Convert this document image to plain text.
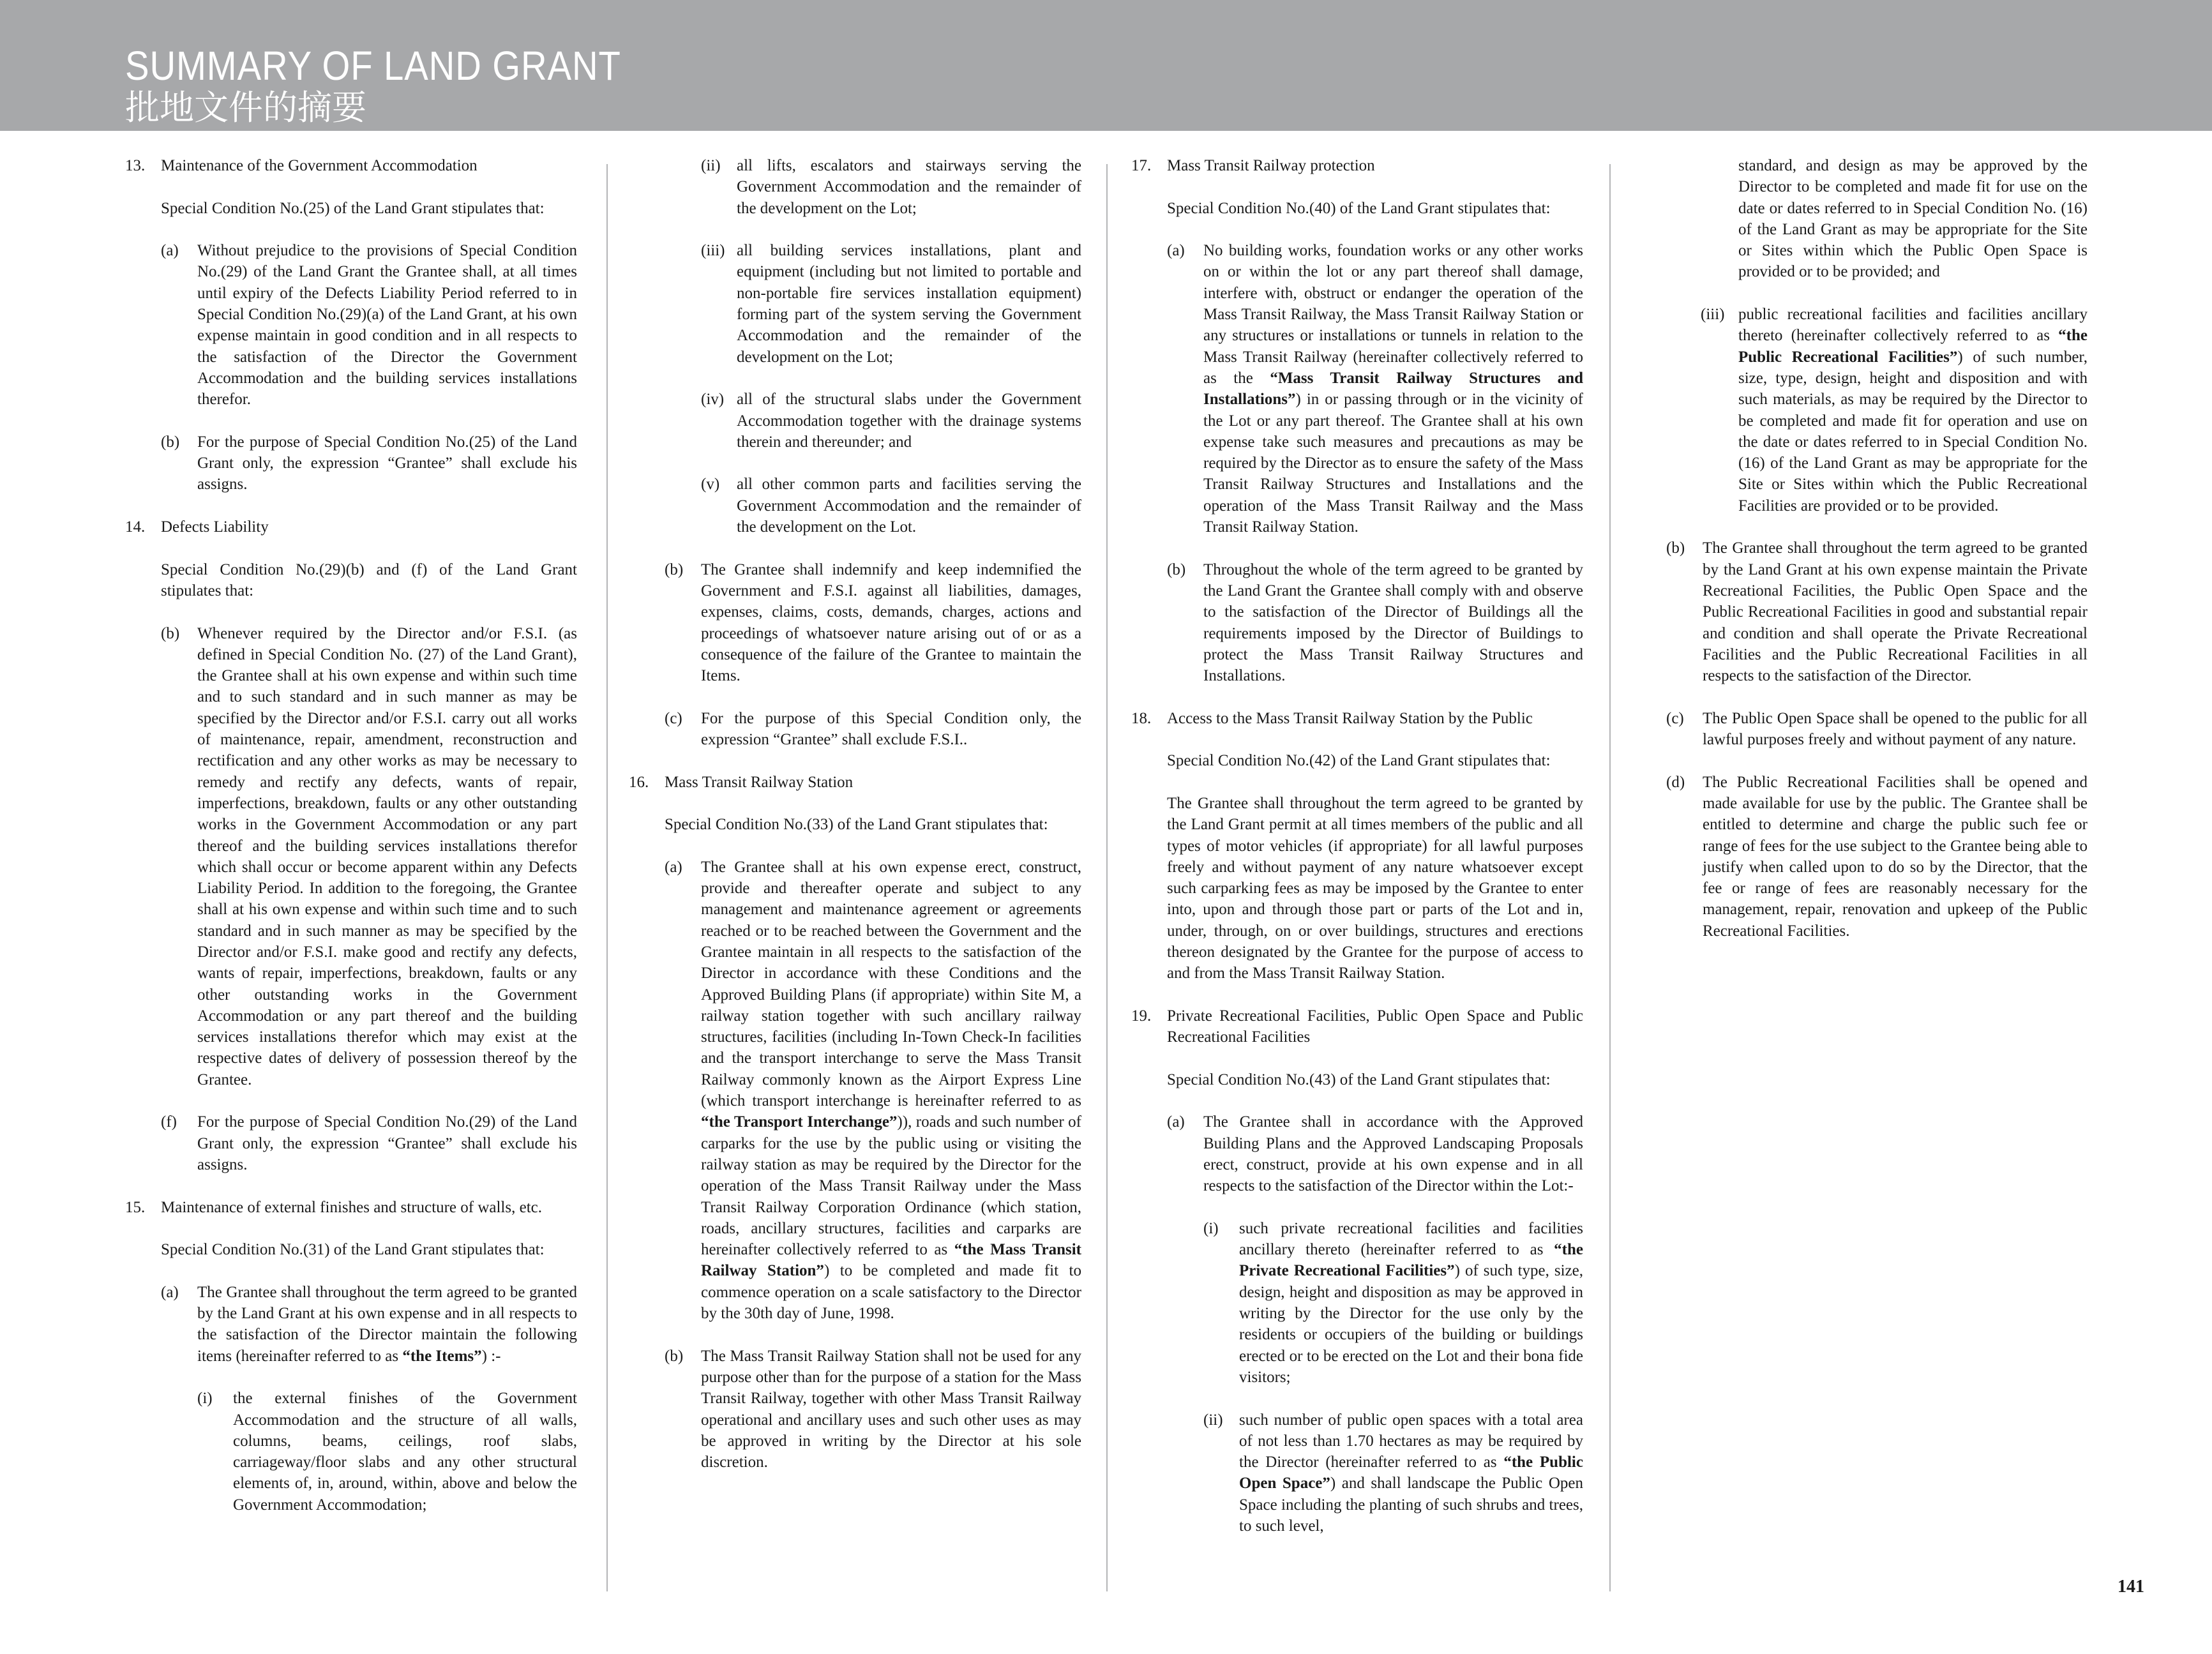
SUMMARY OF LAND GRANT
批地文件的摘要
13. Maintenance of the Government Accommodation

Special Condition No.(25) of the Land Grant stipulates that:

(a)	Without prejudice to the provisions of Special Condition No.(29) of the Land Grant the Grantee shall, at all times until expiry of the Defects Liability Period referred to in Special Condition No.(29)(a) of the Land Grant, at his own expense maintain in good condition and in all respects to the satisfaction of the Director the Government Accommodation and the building services installations therefor.
(b)	For the purpose of Special Condition No.(25) of the Land Grant only, the expression “Grantee” shall exclude his assigns.
14. Defects Liability

Special Condition No.(29)(b) and (f) of the Land Grant stipulates that:

(b)	Whenever required by the Director and/or F.S.I. (as defined in Special Condition No. (27) of the Land Grant), the Grantee shall at his own expense and within such time and to such standard and in such manner as may be specified by the Director and/or F.S.I. carry out all works of maintenance, repair, amendment, reconstruction and rectification and any other works as may be necessary to remedy and rectify any defects, wants of repair, imperfections, breakdown, faults or any other outstanding works in the Government Accommodation or any part thereof and the building services installations therefor which shall occur or become apparent within any Defects Liability Period. In addition to the foregoing, the Grantee shall at his own expense and within such time and to such standard and in such manner as may be specified by the Director and/or F.S.I. make good and rectify any defects, wants of repair, imperfections, breakdown, faults or any other outstanding works in the Government Accommodation or any part thereof and the building services installations therefor which may exist at the respective dates of delivery of possession thereof by the Grantee.
(f)	For the purpose of Special Condition No.(29) of the Land Grant only, the expression “Grantee” shall exclude his assigns.
15. Maintenance of external finishes and structure of walls, etc.

Special Condition No.(31) of the Land Grant stipulates that:

(a)	The Grantee shall throughout the term agreed to be granted by the Land Grant at his own expense and in all respects to the satisfaction of the Director maintain the following items (hereinafter referred to as “the Items”) :-
(i)	the external finishes of the Government Accommodation and the structure of all walls, columns, beams, ceilings, roof slabs, carriageway/floor slabs and any other structural elements of, in, around, within, above and below the Government Accommodation;
(ii)	all lifts, escalators and stairways serving the Government Accommodation and the remainder of the development on the Lot;
(iii) all building services installations, plant and equipment (including but not limited to portable and non-portable fire services installation equipment) forming part of the system serving the Government Accommodation and the remainder of the development on the Lot;
(iv) all of the structural slabs under the Government Accommodation together with the drainage systems therein and thereunder; and
(v)	all other common parts and facilities serving the Government Accommodation and the remainder of the development on the Lot.
(b)	The Grantee shall indemnify and keep indemnified the Government and F.S.I. against all liabilities, damages, expenses, claims, costs, demands, charges, actions and proceedings of whatsoever nature arising out of or as a consequence of the failure of the Grantee to maintain the Items.
(c)	For the purpose of this Special Condition only, the expression “Grantee” shall exclude F.S.I..
16. Mass Transit Railway Station

Special Condition No.(33) of the Land Grant stipulates that:

(a)	The Grantee shall at his own expense erect, construct, provide and thereafter operate and subject to any management and maintenance agreement or agreements reached or to be reached between the Government and the Grantee maintain in all respects to the satisfaction of the Director in accordance with these Conditions and the Approved Building Plans (if appropriate) within Site M, a railway station together with such ancillary railway structures, facilities (including In-Town Check-In facilities and the transport interchange to serve the Mass Transit Railway commonly known as the Airport Express Line (which transport interchange is hereinafter referred to as “the Transport Interchange”)), roads and such number of carparks for the use by the public using or visiting the railway station as may be required by the Director for the operation of the Mass Transit Railway under the Mass Transit Railway Corporation Ordinance (which station, roads, ancillary structures, facilities and carparks are hereinafter collectively referred to as “the Mass Transit Railway Station”) to be completed and made fit to commence operation on a scale satisfactory to the Director by the 30th day of June, 1998.
(b)	The Mass Transit Railway Station shall not be used for any purpose other than for the purpose of a station for the Mass Transit Railway, together with other Mass Transit Railway operational and ancillary uses and such other uses as may be approved in writing by the Director at his sole discretion.
17. Mass Transit Railway protection

Special Condition No.(40) of the Land Grant stipulates that:

(a)	No building works, foundation works or any other works on or within the lot or any part thereof shall damage, interfere with, obstruct or endanger the operation of the Mass Transit Railway, the Mass Transit Railway Station or any structures or installations or tunnels in relation to the Mass Transit Railway (hereinafter collectively referred to as the “Mass Transit Railway Structures and Installations”) in or passing through or in the vicinity of the Lot or any part thereof. The Grantee shall at his own expense take such measures and precautions as may be required by the Director as to ensure the safety of the Mass Transit Railway Structures and Installations and the operation of the Mass Transit Railway and the Mass Transit Railway Station.
(b)	Throughout the whole of the term agreed to be granted by the Land Grant the Grantee shall comply with and observe to the satisfaction of the Director of Buildings all the requirements imposed by the Director of Buildings to protect the Mass Transit Railway Structures and Installations.
18. Access to the Mass Transit Railway Station by the Public

Special Condition No.(42) of the Land Grant stipulates that:

The Grantee shall throughout the term agreed to be granted by the Land Grant permit at all times members of the public and all types of motor vehicles (if appropriate) for all lawful purposes freely and without payment of any nature whatsoever except such carparking fees as may be imposed by the Grantee to enter into, upon and through those part or parts of the Lot and in, under, through, on or over buildings, structures and erections thereon designated by the Grantee for the purpose of access to and from the Mass Transit Railway Station.

19. Private Recreational Facilities, Public Open Space and Public Recreational Facilities

Special Condition No.(43) of the Land Grant stipulates that:

(a)	The Grantee shall in accordance with the Approved Building Plans and the Approved Landscaping Proposals erect, construct, provide at his own expense and in all respects to the satisfaction of the Director within the Lot:-
(i)	such private recreational facilities and facilities ancillary thereto (hereinafter referred to as “the Private Recreational Facilities”) of such type, size, design, height and disposition as may be approved in writing by the Director for the use only by the residents or occupiers of the building or buildings erected or to be erected on the Lot and their bona fide visitors;
(ii)	such number of public open spaces with a total area of not less than 1.70 hectares as may be required by the Director (hereinafter referred to as “the Public Open Space”) and shall landscape the Public Open Space including the planting of such shrubs and trees, to such level,

standard, and design as may be approved by the Director to be completed and made fit for use on the date or dates referred to in Special Condition No. (16) of the Land Grant as may be appropriate for the Site or Sites within which the Public Open Space is provided or to be provided; and

(iii) public recreational facilities and facilities ancillary thereto (hereinafter collectively referred to as “the Public Recreational Facilities”) of such number, size, type, design, height and disposition and with such materials, as may be required by the Director to be completed and made fit for operation and use on the date or dates referred to in Special Condition No. (16) of the Land Grant as may be appropriate for the Site or Sites within which the Public Recreational Facilities are provided or to be provided.
(b)	The Grantee shall throughout the term agreed to be granted by the Land Grant at his own expense maintain the Private Recreational Facilities, the Public Open Space and the Public Recreational Facilities in good and substantial repair and condition and shall operate the Private Recreational Facilities and the Public Recreational Facilities in all respects to the satisfaction of the Director.
(c)	The Public Open Space shall be opened to the public for all lawful purposes freely and without payment of any nature.
(d)	The Public Recreational Facilities shall be opened and made available for use by the public. The Grantee shall be entitled to determine and charge the public such fee or range of fees for the use subject to the Grantee being able to justify when called upon to do so by the Director, that the fee or range of fees are reasonably necessary for the management, repair, renovation and upkeep of the Public Recreational Facilities.
141
